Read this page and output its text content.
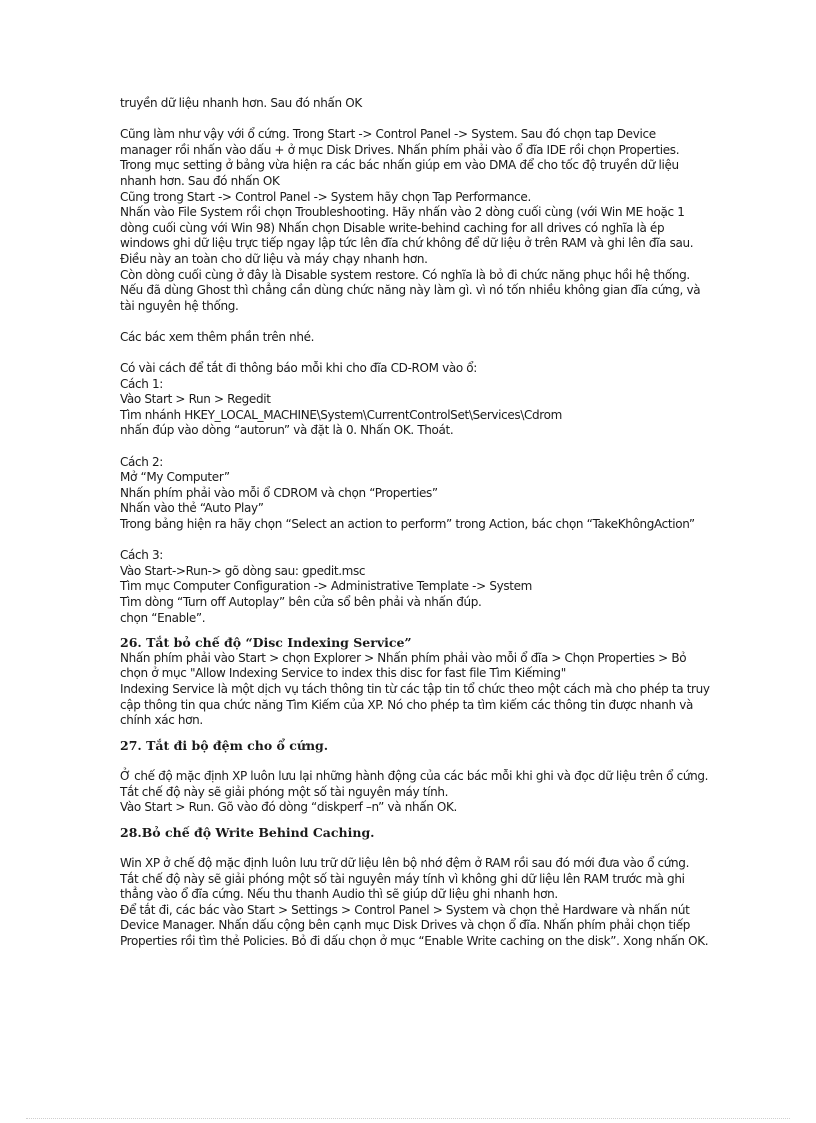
truyền dữ liệu nhanh hơn. Sau đó nhấn OK

Cũng làm như vậy với ổ cứng. Trong Start -> Control Panel -> System. Sau đó chọn tap Device manager rồi nhấn vào dấu + ở mục Disk Drives. Nhấn phím phải vào ổ đĩa IDE rồi chọn Properties. Trong mục setting ở bảng vừa hiện ra các bác nhấn giúp em vào DMA để cho tốc độ truyền dữ liệu nhanh hơn. Sau đó nhấn OK

Cũng trong Start -> Control Panel -> System hãy chọn Tap Performance.

Nhấn vào File System rồi chọn Troubleshooting. Hãy nhấn vào 2 dòng cuối cùng (với Win ME hoặc 1 dòng cuối cùng với Win 98) Nhấn chọn Disable write-behind caching for all drives có nghĩa là ép windows ghi dữ liệu trực tiếp ngay lập tức lên đĩa chứ không để dữ liệu ở trên RAM và ghi lên đĩa sau. Điều này an toàn cho dữ liệu và máy chạy nhanh hơn.

Còn dòng cuối cùng ở đây là Disable system restore. Có nghĩa là bỏ đi chức năng phục hồi hệ thống. Nếu đã dùng Ghost thì chẳng cần dùng chức năng này làm gì. vì nó tốn nhiều không gian đĩa cứng, và tài nguyên hệ thống.

Các bác xem thêm phần trên nhé.

Có vài cách để tắt đi thông báo mỗi khi cho đĩa CD-ROM vào ổ:

Cách 1:

Vào Start > Run > Regedit

Tìm nhánh HKEY_LOCAL_MACHINE\System\CurrentControlSet\Services\Cdrom

nhấn đúp vào dòng “autorun” và đặt là 0. Nhấn OK. Thoát.

Cách 2:

Mở “My Computer”

Nhấn phím phải vào mỗi ổ CDROM và chọn “Properties”

Nhấn vào thẻ “Auto Play”

Trong bảng hiện ra hãy chọn “Select an action to perform” trong Action, bác chọn “TakeKhôngAction”

Cách 3:

Vào Start->Run-> gõ dòng sau: gpedit.msc

Tìm mục Computer Configuration -> Administrative Template -> System

Tìm dòng “Turn off Autoplay” bên cửa sổ bên phải và nhấn đúp.

chọn “Enable”.

26. Tắt bỏ chế độ “Disc Indexing Service”

Nhấn phím phải vào Start > chọn Explorer > Nhấn phím phải vào mỗi ổ đĩa > Chọn Properties > Bỏ chọn ở mục "Allow Indexing Service to index this disc for fast file Tìm Kiếming"

Indexing Service là một dịch vụ tách thông tin từ các tập tin tổ chức theo một cách mà cho phép ta truy cập thông tin qua chức năng Tìm Kiếm của XP. Nó cho phép ta tìm kiếm các thông tin được nhanh và chính xác hơn.

27. Tắt đi bộ đệm cho ổ cứng.

Ở chế độ mặc định XP luôn lưu lại những hành động của các bác mỗi khi ghi và đọc dữ liệu trên ổ cứng. Tắt chế độ này sẽ giải phóng một số tài nguyên máy tính.

Vào Start > Run. Gõ vào đó dòng “diskperf –n” và nhấn OK.

28.Bỏ chế độ Write Behind Caching.

Win XP ở chế độ mặc định luôn lưu trữ dữ liệu lên bộ nhớ đệm ở RAM rồi sau đó mới đưa vào ổ cứng. Tắt chế độ này sẽ giải phóng một số tài nguyên máy tính vì không ghi dữ liệu lên RAM trước mà ghi thẳng vào ổ đĩa cứng. Nếu thu thanh Audio thì sẽ giúp dữ liệu ghi nhanh hơn.

Để tắt đi, các bác vào Start > Settings > Control Panel > System và chọn thẻ Hardware và nhấn nút Device Manager. Nhấn dấu cộng bên cạnh mục Disk Drives và chọn ổ đĩa. Nhấn phím phải chọn tiếp Properties rồi tìm thẻ Policies. Bỏ đi dấu chọn ở mục “Enable Write caching on the disk”. Xong nhấn OK.
